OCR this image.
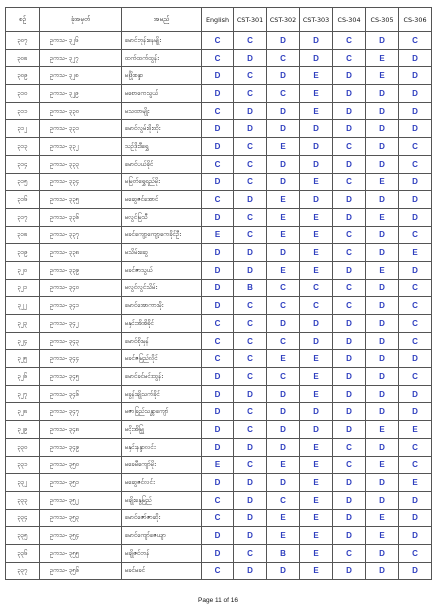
စဉ်	ခုံအမှတ်	အမည်	English	CST-301	CST-302	CST-303	CS-304	CS-305	CS-306
၃၀၇	ဥကသ- ၃၂၆	မောင်ဘုန်းနေမျိုး	C	C	D	D	C	D	C
၃၀၈	ဥကသ- ၃၂၇	ထက်ထက်ထွန်း	C	D	C	D	C	E	D
၃၀၉	ဥကသ- ၃၂၈	မဖြိုးစန္ဒာ	D	C	D	E	D	E	D
၃၁၀	ဥကသ- ၃၂၉	မစောကေသွယ်	D	C	C	E	D	D	D
၃၁၁	ဥကသ- ၃၃၀	မသထာမျိုး	C	D	D	E	D	D	D
၃၁၂	ဥကသ- ၃၃၁	မောင်လွမ်းဖိုးထိုး	D	D	D	D	D	D	D
၃၁၃	ဥကသ- ၃၃၂	သဉ်ဒိုးဒီရွှေ	D	C	E	D	C	D	C
၃၁၄	ဥကသ- ၃၃၃	မောင်ပယ်ခိုင်	C	C	D	D	D	D	C
၃၁၅	ဥကသ- ၃၃၄	မမြတ်ရွှေရည်မိုး	D	C	D	E	C	E	D
၃၁၆	ဥကသ- ၃၃၅	မဆွေဇင်အောင်	C	D	E	D	D	D	D
၃၁၇	ဥကသ- ၃၃၆	မလွင်မြသီ	D	C	E	E	D	E	D
၃၁၈	ဥကသ- ၃၃၇	မခင်ကျော့ကျော့ကေခိုင်ဦး	E	C	E	E	C	D	C
၃၁၉	ဥကသ- ၃၃၈	မသိမ်းဆွေ	D	D	D	E	C	D	E
၃၂၀	ဥကသ- ၃၃၉	မခင်ဇာသွယ်	D	D	E	E	D	E	D
၃၂၁	ဥကသ- ၃၄၀	မလွင်လွင်သိမ်း	D	B	C	C	C	D	C
၃၂၂	ဥကသ- ၃၄၁	မောင်အောကားမိုး	D	C	C	C	C	D	C
၃၂၃	ဥကသ- ၃၄၂	မနှင်းအိအိခိုင်	C	C	D	D	D	D	C
၃၂၄	ဥကသ- ၃၄၃	မောင်စိုးမှန်	C	C	C	D	D	D	C
၃၂၅	ဥကသ- ၃၄၄	မခင်ဇမြည်လိုင်	C	C	E	E	D	D	D
၃၂၆	ဥကသ- ၃၄၅	မောင်ခင်မင်းထွန်း	D	C	C	E	D	D	C
၃၂၇	ဥကသ- ၃၄၆	မခွန်းချိုသက်ခိုင်	D	D	D	E	D	D	D
၃၂၈	ဥကသ- ၃၄၇	မဇာခြည်သန္တာကျော်	D	C	D	D	D	D	D
၃၂၉	ဥကသ- ၃၄၈	မငိုးအိမြှု	D	C	D	D	D	E	E
၃၃၀	ဥကသ- ၃၄၉	မနှင်းနန္ဒာလင်း	D	D	D	E	C	D	C
၃၃၁	ဥကသ- ၃၅၀	မခေမီကျော်မိုး	E	C	E	E	C	E	C
၃၃၂	ဥကသ- ၃၅၁	မဆွေဇင်လင်း	D	D	D	E	D	D	E
၃၃၃	ဥကသ- ၃၅၂	မချိုးနွေမြည်	C	D	C	E	D	D	D
၃၃၄	ဥကသ- ၃၅၃	မောင်ဇော်ဇာဆိုး	C	D	E	E	D	E	D
၃၃၅	ဥကသ- ၃၅၄	မောင်ကျော်ဇေယျာ	D	D	E	E	D	E	D
၃၃၆	ဥကသ- ၃၅၅	မချိုဇင်တန်	D	C	B	E	C	D	C
၃၃၇	ဥကသ- ၃၅၆	မခင်မခင်	C	D	D	E	D	D	D
Page 11 of 16
